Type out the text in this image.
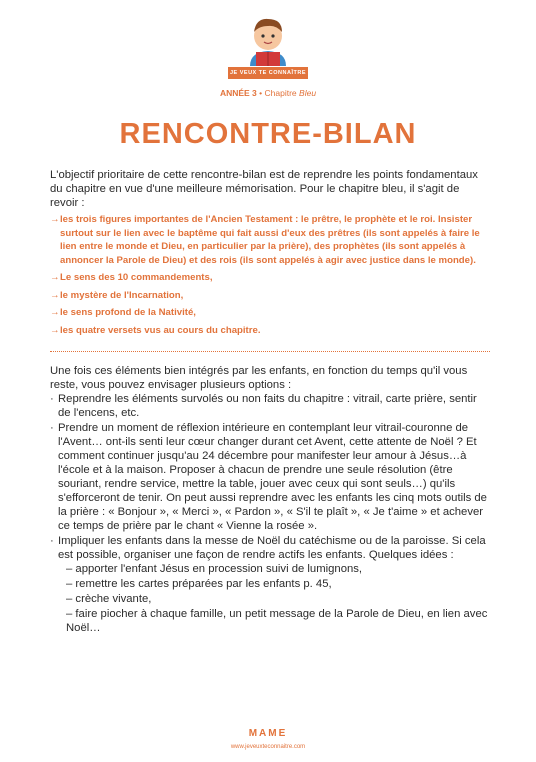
JE VEUX TE CONNAÎTRE
ANNÉE 3 • Chapitre Bleu
RENCONTRE-BILAN

L'objectif prioritaire de cette rencontre-bilan est de reprendre les points fondamentaux du chapitre en vue d'une meilleure mémorisation. Pour le chapitre bleu, il s'agit de revoir :

→ les trois figures importantes de l'Ancien Testament : le prêtre, le prophète et le roi. Insister surtout sur le lien avec le baptême qui fait aussi d'eux des prêtres (ils sont appelés à faire le lien entre le monde et Dieu, en particulier par la prière), des prophètes (ils sont appelés à annoncer la Parole de Dieu) et des rois (ils sont appelés à agir avec justice dans le monde).
→ Le sens des 10 commandements,
→ le mystère de l'Incarnation,
→ le sens profond de la Nativité,
→ les quatre versets vus au cours du chapitre.

Une fois ces éléments bien intégrés par les enfants, en fonction du temps qu'il vous reste, vous pouvez envisager plusieurs options :

· Reprendre les éléments survolés ou non faits du chapitre : vitrail, carte prière, sentir de l'encens, etc.
· Prendre un moment de réflexion intérieure en contemplant leur vitrail-couronne de l'Avent… ont-ils senti leur cœur changer durant cet Avent, cette attente de Noël ? Et comment continuer jusqu'au 24 décembre pour manifester leur amour à Jésus…à l'école et à la maison. Proposer à chacun de prendre une seule résolution (être souriant, rendre service, mettre la table, jouer avec ceux qui sont seuls…) qu'ils s'efforceront de tenir. On peut aussi reprendre avec les enfants les cinq mots outils de la prière : « Bonjour », « Merci », « Pardon », « S'il te plaît », « Je t'aime » et achever ce temps de prière par le chant « Vienne la rosée ».
· Impliquer les enfants dans la messe de Noël du catéchisme ou de la paroisse. Si cela est possible, organiser une façon de rendre actifs les enfants. Quelques idées :
– apporter l'enfant Jésus en procession suivi de lumignons,
– remettre les cartes préparées par les enfants p. 45,
– crèche vivante,
– faire piocher à chaque famille, un petit message de la Parole de Dieu, en lien avec Noël…
MAME
www.jeveuxteconnaitre.com
